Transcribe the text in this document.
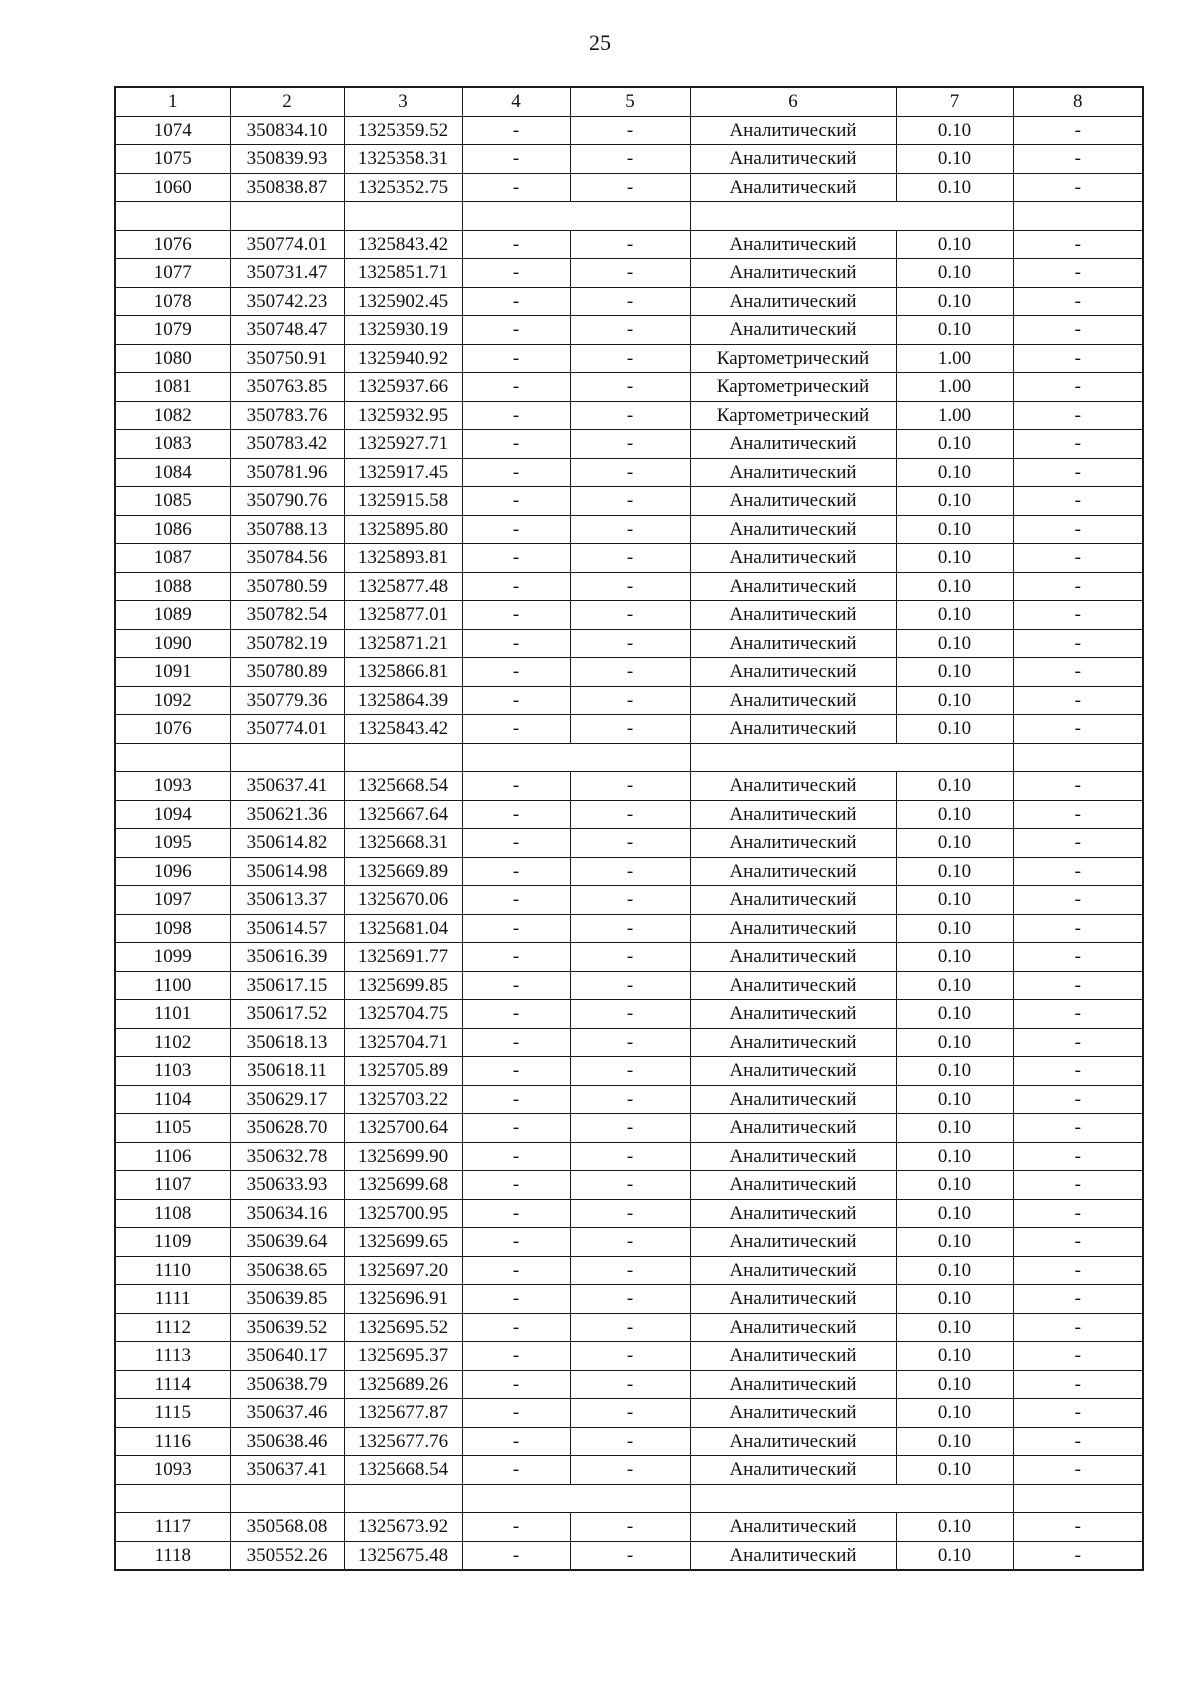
25
1	2	3	4	5	6	7	8
1074	350834.10	1325359.52	-	-	Аналитический	0.10	-
1075	350839.93	1325358.31	-	-	Аналитический	0.10	-
1060	350838.87	1325352.75	-	-	Аналитический	0.10	-

1076	350774.01	1325843.42	-	-	Аналитический	0.10	-
1077	350731.47	1325851.71	-	-	Аналитический	0.10	-
1078	350742.23	1325902.45	-	-	Аналитический	0.10	-
1079	350748.47	1325930.19	-	-	Аналитический	0.10	-
1080	350750.91	1325940.92	-	-	Картометрический	1.00	-
1081	350763.85	1325937.66	-	-	Картометрический	1.00	-
1082	350783.76	1325932.95	-	-	Картометрический	1.00	-
1083	350783.42	1325927.71	-	-	Аналитический	0.10	-
1084	350781.96	1325917.45	-	-	Аналитический	0.10	-
1085	350790.76	1325915.58	-	-	Аналитический	0.10	-
1086	350788.13	1325895.80	-	-	Аналитический	0.10	-
1087	350784.56	1325893.81	-	-	Аналитический	0.10	-
1088	350780.59	1325877.48	-	-	Аналитический	0.10	-
1089	350782.54	1325877.01	-	-	Аналитический	0.10	-
1090	350782.19	1325871.21	-	-	Аналитический	0.10	-
1091	350780.89	1325866.81	-	-	Аналитический	0.10	-
1092	350779.36	1325864.39	-	-	Аналитический	0.10	-
1076	350774.01	1325843.42	-	-	Аналитический	0.10	-

1093	350637.41	1325668.54	-	-	Аналитический	0.10	-
1094	350621.36	1325667.64	-	-	Аналитический	0.10	-
1095	350614.82	1325668.31	-	-	Аналитический	0.10	-
1096	350614.98	1325669.89	-	-	Аналитический	0.10	-
1097	350613.37	1325670.06	-	-	Аналитический	0.10	-
1098	350614.57	1325681.04	-	-	Аналитический	0.10	-
1099	350616.39	1325691.77	-	-	Аналитический	0.10	-
1100	350617.15	1325699.85	-	-	Аналитический	0.10	-
1101	350617.52	1325704.75	-	-	Аналитический	0.10	-
1102	350618.13	1325704.71	-	-	Аналитический	0.10	-
1103	350618.11	1325705.89	-	-	Аналитический	0.10	-
1104	350629.17	1325703.22	-	-	Аналитический	0.10	-
1105	350628.70	1325700.64	-	-	Аналитический	0.10	-
1106	350632.78	1325699.90	-	-	Аналитический	0.10	-
1107	350633.93	1325699.68	-	-	Аналитический	0.10	-
1108	350634.16	1325700.95	-	-	Аналитический	0.10	-
1109	350639.64	1325699.65	-	-	Аналитический	0.10	-
1110	350638.65	1325697.20	-	-	Аналитический	0.10	-
1111	350639.85	1325696.91	-	-	Аналитический	0.10	-
1112	350639.52	1325695.52	-	-	Аналитический	0.10	-
1113	350640.17	1325695.37	-	-	Аналитический	0.10	-
1114	350638.79	1325689.26	-	-	Аналитический	0.10	-
1115	350637.46	1325677.87	-	-	Аналитический	0.10	-
1116	350638.46	1325677.76	-	-	Аналитический	0.10	-
1093	350637.41	1325668.54	-	-	Аналитический	0.10	-

1117	350568.08	1325673.92	-	-	Аналитический	0.10	-
1118	350552.26	1325675.48	-	-	Аналитический	0.10	-
